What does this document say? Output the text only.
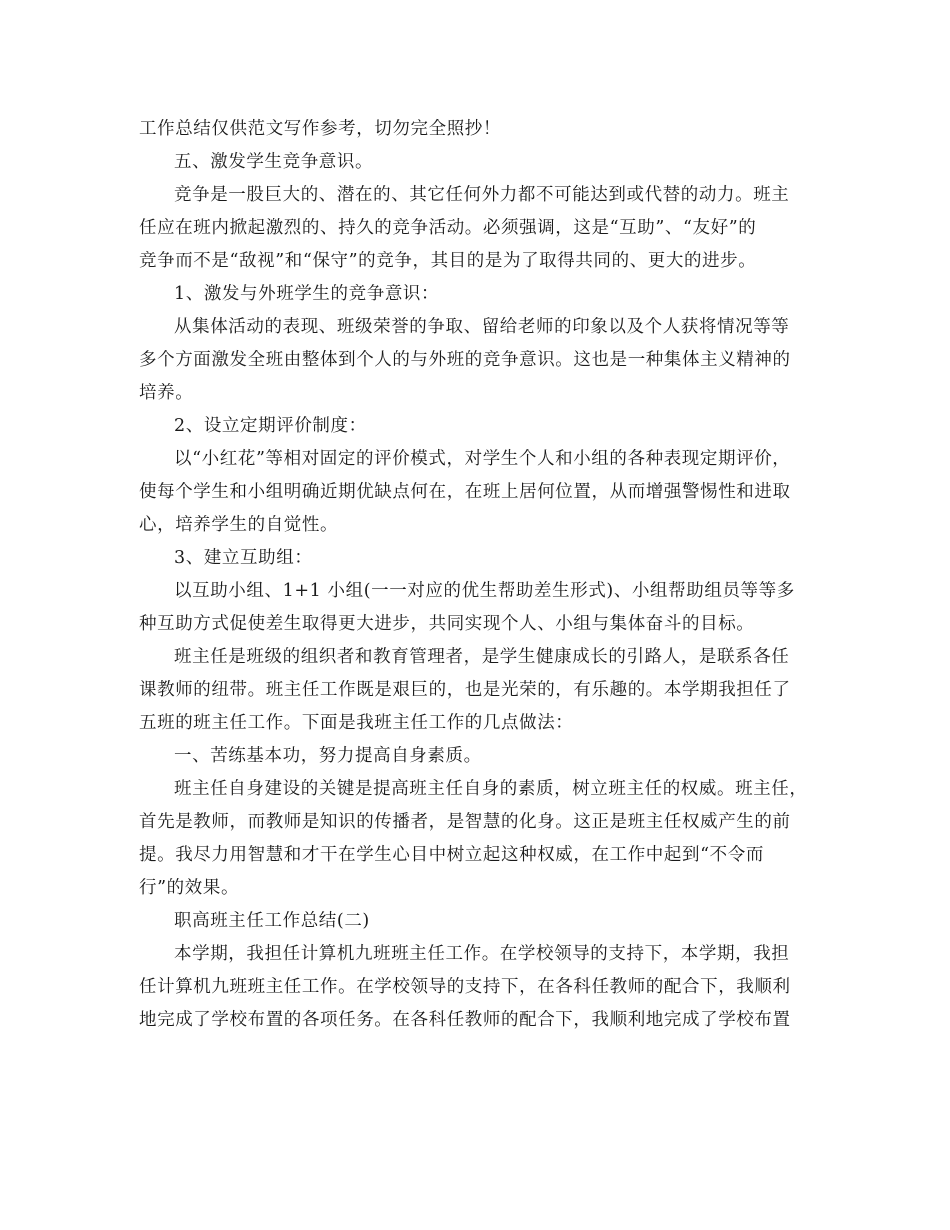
工作总结仅供范文写作参考，切勿完全照抄！
五、激发学生竞争意识。
竞争是一股巨大的、潜在的、其它任何外力都不可能达到或代替的动力。班主
任应在班内掀起激烈的、持久的竞争活动。必须强调，这是“互助”、“友好”的
竞争而不是“敌视”和“保守”的竞争，其目的是为了取得共同的、更大的进步。
1、激发与外班学生的竞争意识：
从集体活动的表现、班级荣誉的争取、留给老师的印象以及个人获将情况等等
多个方面激发全班由整体到个人的与外班的竞争意识。这也是一种集体主义精神的
培养。
2、设立定期评价制度：
以“小红花”等相对固定的评价模式，对学生个人和小组的各种表现定期评价，
使每个学生和小组明确近期优缺点何在，在班上居何位置，从而增强警惕性和进取
心，培养学生的自觉性。
3、建立互助组：
以互助小组、1+1 小组(一一对应的优生帮助差生形式)、小组帮助组员等等多
种互助方式促使差生取得更大进步，共同实现个人、小组与集体奋斗的目标。
班主任是班级的组织者和教育管理者，是学生健康成长的引路人，是联系各任
课教师的纽带。班主任工作既是艰巨的，也是光荣的，有乐趣的。本学期我担任了
五班的班主任工作。下面是我班主任工作的几点做法：
一、苦练基本功，努力提高自身素质。
班主任自身建设的关键是提高班主任自身的素质，树立班主任的权威。班主任，
首先是教师，而教师是知识的传播者，是智慧的化身。这正是班主任权威产生的前
提。我尽力用智慧和才干在学生心目中树立起这种权威，在工作中起到“不令而
行”的效果。
职高班主任工作总结(二)
本学期，我担任计算机九班班主任工作。在学校领导的支持下，本学期，我担
任计算机九班班主任工作。在学校领导的支持下，在各科任教师的配合下，我顺利
地完成了学校布置的各项任务。在各科任教师的配合下，我顺利地完成了学校布置
